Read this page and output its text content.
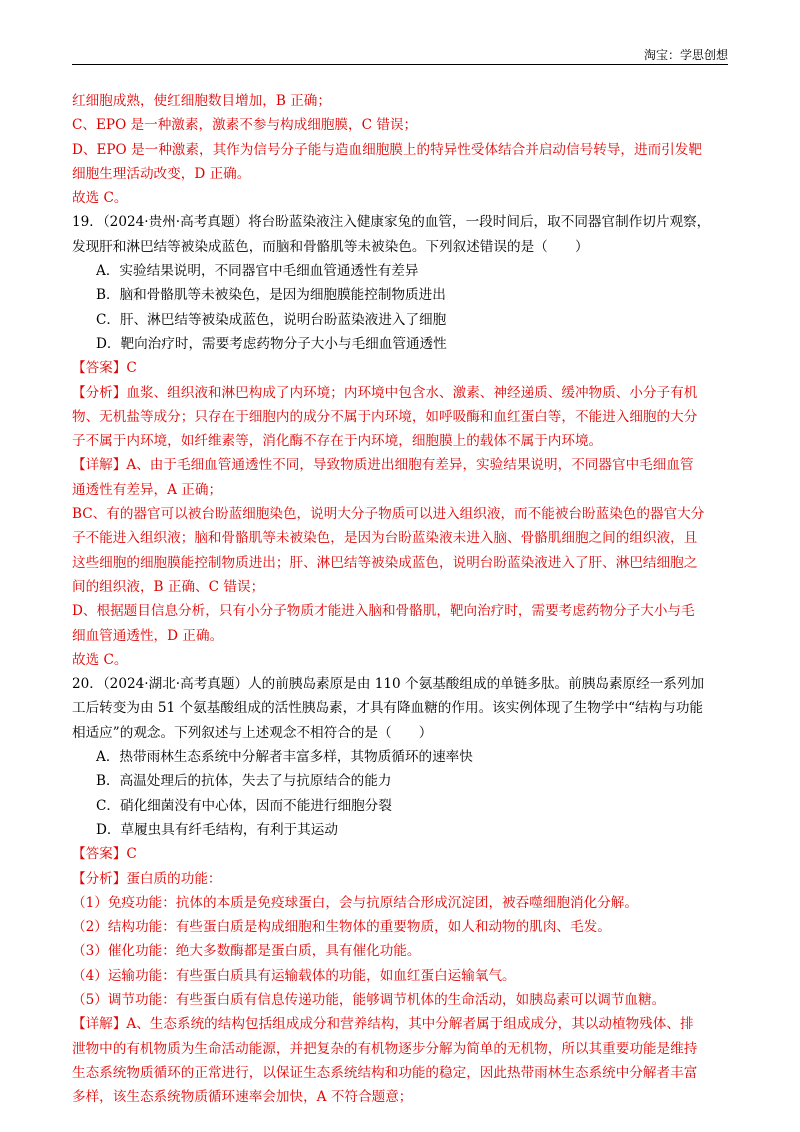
淘宝：学思创想
红细胞成熟，使红细胞数目增加，B 正确；
C、EPO 是一种激素，激素不参与构成细胞膜，C 错误；
D、EPO 是一种激素，其作为信号分子能与造血细胞膜上的特异性受体结合并启动信号转导，进而引发靶
细胞生理活动改变，D 正确。
故选 C。
19．（2024·贵州·高考真题）将台盼蓝染液注入健康家兔的血管，一段时间后，取不同器官制作切片观察，
发现肝和淋巴结等被染成蓝色，而脑和骨骼肌等未被染色。下列叙述错误的是（　　）
A．实验结果说明，不同器官中毛细血管通透性有差异
B．脑和骨骼肌等未被染色，是因为细胞膜能控制物质进出
C．肝、淋巴结等被染成蓝色，说明台盼蓝染液进入了细胞
D．靶向治疗时，需要考虑药物分子大小与毛细血管通透性
【答案】C
【分析】血浆、组织液和淋巴构成了内环境；内环境中包含水、激素、神经递质、缓冲物质、小分子有机
物、无机盐等成分；只存在于细胞内的成分不属于内环境，如呼吸酶和血红蛋白等，不能进入细胞的大分
子不属于内环境，如纤维素等，消化酶不存在于内环境，细胞膜上的载体不属于内环境。
【详解】A、由于毛细血管通透性不同，导致物质进出细胞有差异，实验结果说明，不同器官中毛细血管
通透性有差异，A 正确；
BC、有的器官可以被台盼蓝细胞染色，说明大分子物质可以进入组织液，而不能被台盼蓝染色的器官大分
子不能进入组织液；脑和骨骼肌等未被染色，是因为台盼蓝染液未进入脑、骨骼肌细胞之间的组织液，且
这些细胞的细胞膜能控制物质进出；肝、淋巴结等被染成蓝色，说明台盼蓝染液进入了肝、淋巴结细胞之
间的组织液，B 正确、C 错误；
D、根据题目信息分析，只有小分子物质才能进入脑和骨骼肌，靶向治疗时，需要考虑药物分子大小与毛
细血管通透性，D 正确。
故选 C。
20．（2024·湖北·高考真题）人的前胰岛素原是由 110 个氨基酸组成的单链多肽。前胰岛素原经一系列加
工后转变为由 51 个氨基酸组成的活性胰岛素，才具有降血糖的作用。该实例体现了生物学中“结构与功能
相适应”的观念。下列叙述与上述观念不相符合的是（　　）
A．热带雨林生态系统中分解者丰富多样，其物质循环的速率快
B．高温处理后的抗体，失去了与抗原结合的能力
C．硝化细菌没有中心体，因而不能进行细胞分裂
D．草履虫具有纤毛结构，有利于其运动
【答案】C
【分析】蛋白质的功能：
（1）免疫功能：抗体的本质是免疫球蛋白，会与抗原结合形成沉淀团，被吞噬细胞消化分解。
（2）结构功能：有些蛋白质是构成细胞和生物体的重要物质，如人和动物的肌肉、毛发。
（3）催化功能：绝大多数酶都是蛋白质，具有催化功能。
（4）运输功能：有些蛋白质具有运输载体的功能，如血红蛋白运输氧气。
（5）调节功能：有些蛋白质有信息传递功能，能够调节机体的生命活动，如胰岛素可以调节血糖。
【详解】A、生态系统的结构包括组成成分和营养结构，其中分解者属于组成成分，其以动植物残体、排
泄物中的有机物质为生命活动能源，并把复杂的有机物逐步分解为简单的无机物，所以其重要功能是维持
生态系统物质循环的正常进行，以保证生态系统结构和功能的稳定，因此热带雨林生态系统中分解者丰富
多样，该生态系统物质循环速率会加快，A 不符合题意；
